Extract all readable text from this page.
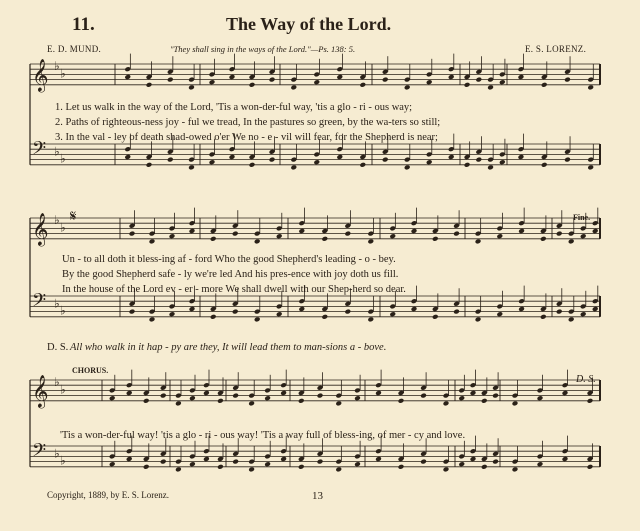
11.	The Way of the Lord.
E. D. MUND.	"They shall sing in the ways of the Lord."—Ps. 138: 5.	E. S. LORENZ.
𝄞 ♭
♭
𝄢 ♭
♭
𝄞 ♭
♭
𝄢 ♭
♭
𝄞 ♭
♭
𝄢 ♭
♭
1. Let us walk in the way of the Lord, 'Tis a won-der-ful way, 'tis a glo - ri - ous way;
2. Paths of righteous-ness joy - ful we tread, In the pastures so green, by the wa-ters so still;
3. In the val - ley of death shad-owed o'er We no - e - vil will fear, for the Shepherd is near;
𝄋	Fine.
Un - to all doth it bless-ing af - ford Who the good Shepherd's leading - o - bey.
By the good Shepherd safe - ly we're led And his pres-ence with joy doth us fill.
In the house of the Lord ev - er - more We shall dwell with our Shep-herd so dear.
D. S. All who walk in it hap - py are they, It will lead them to man-sions a - bove.
CHORUS.
D. S.
'Tis a won-der-ful way! 'tis a glo - ri - ous way! 'Tis a way full of bless-ing, of mer - cy and love.
Copyright, 1889, by E. S. Lorenz.	13
